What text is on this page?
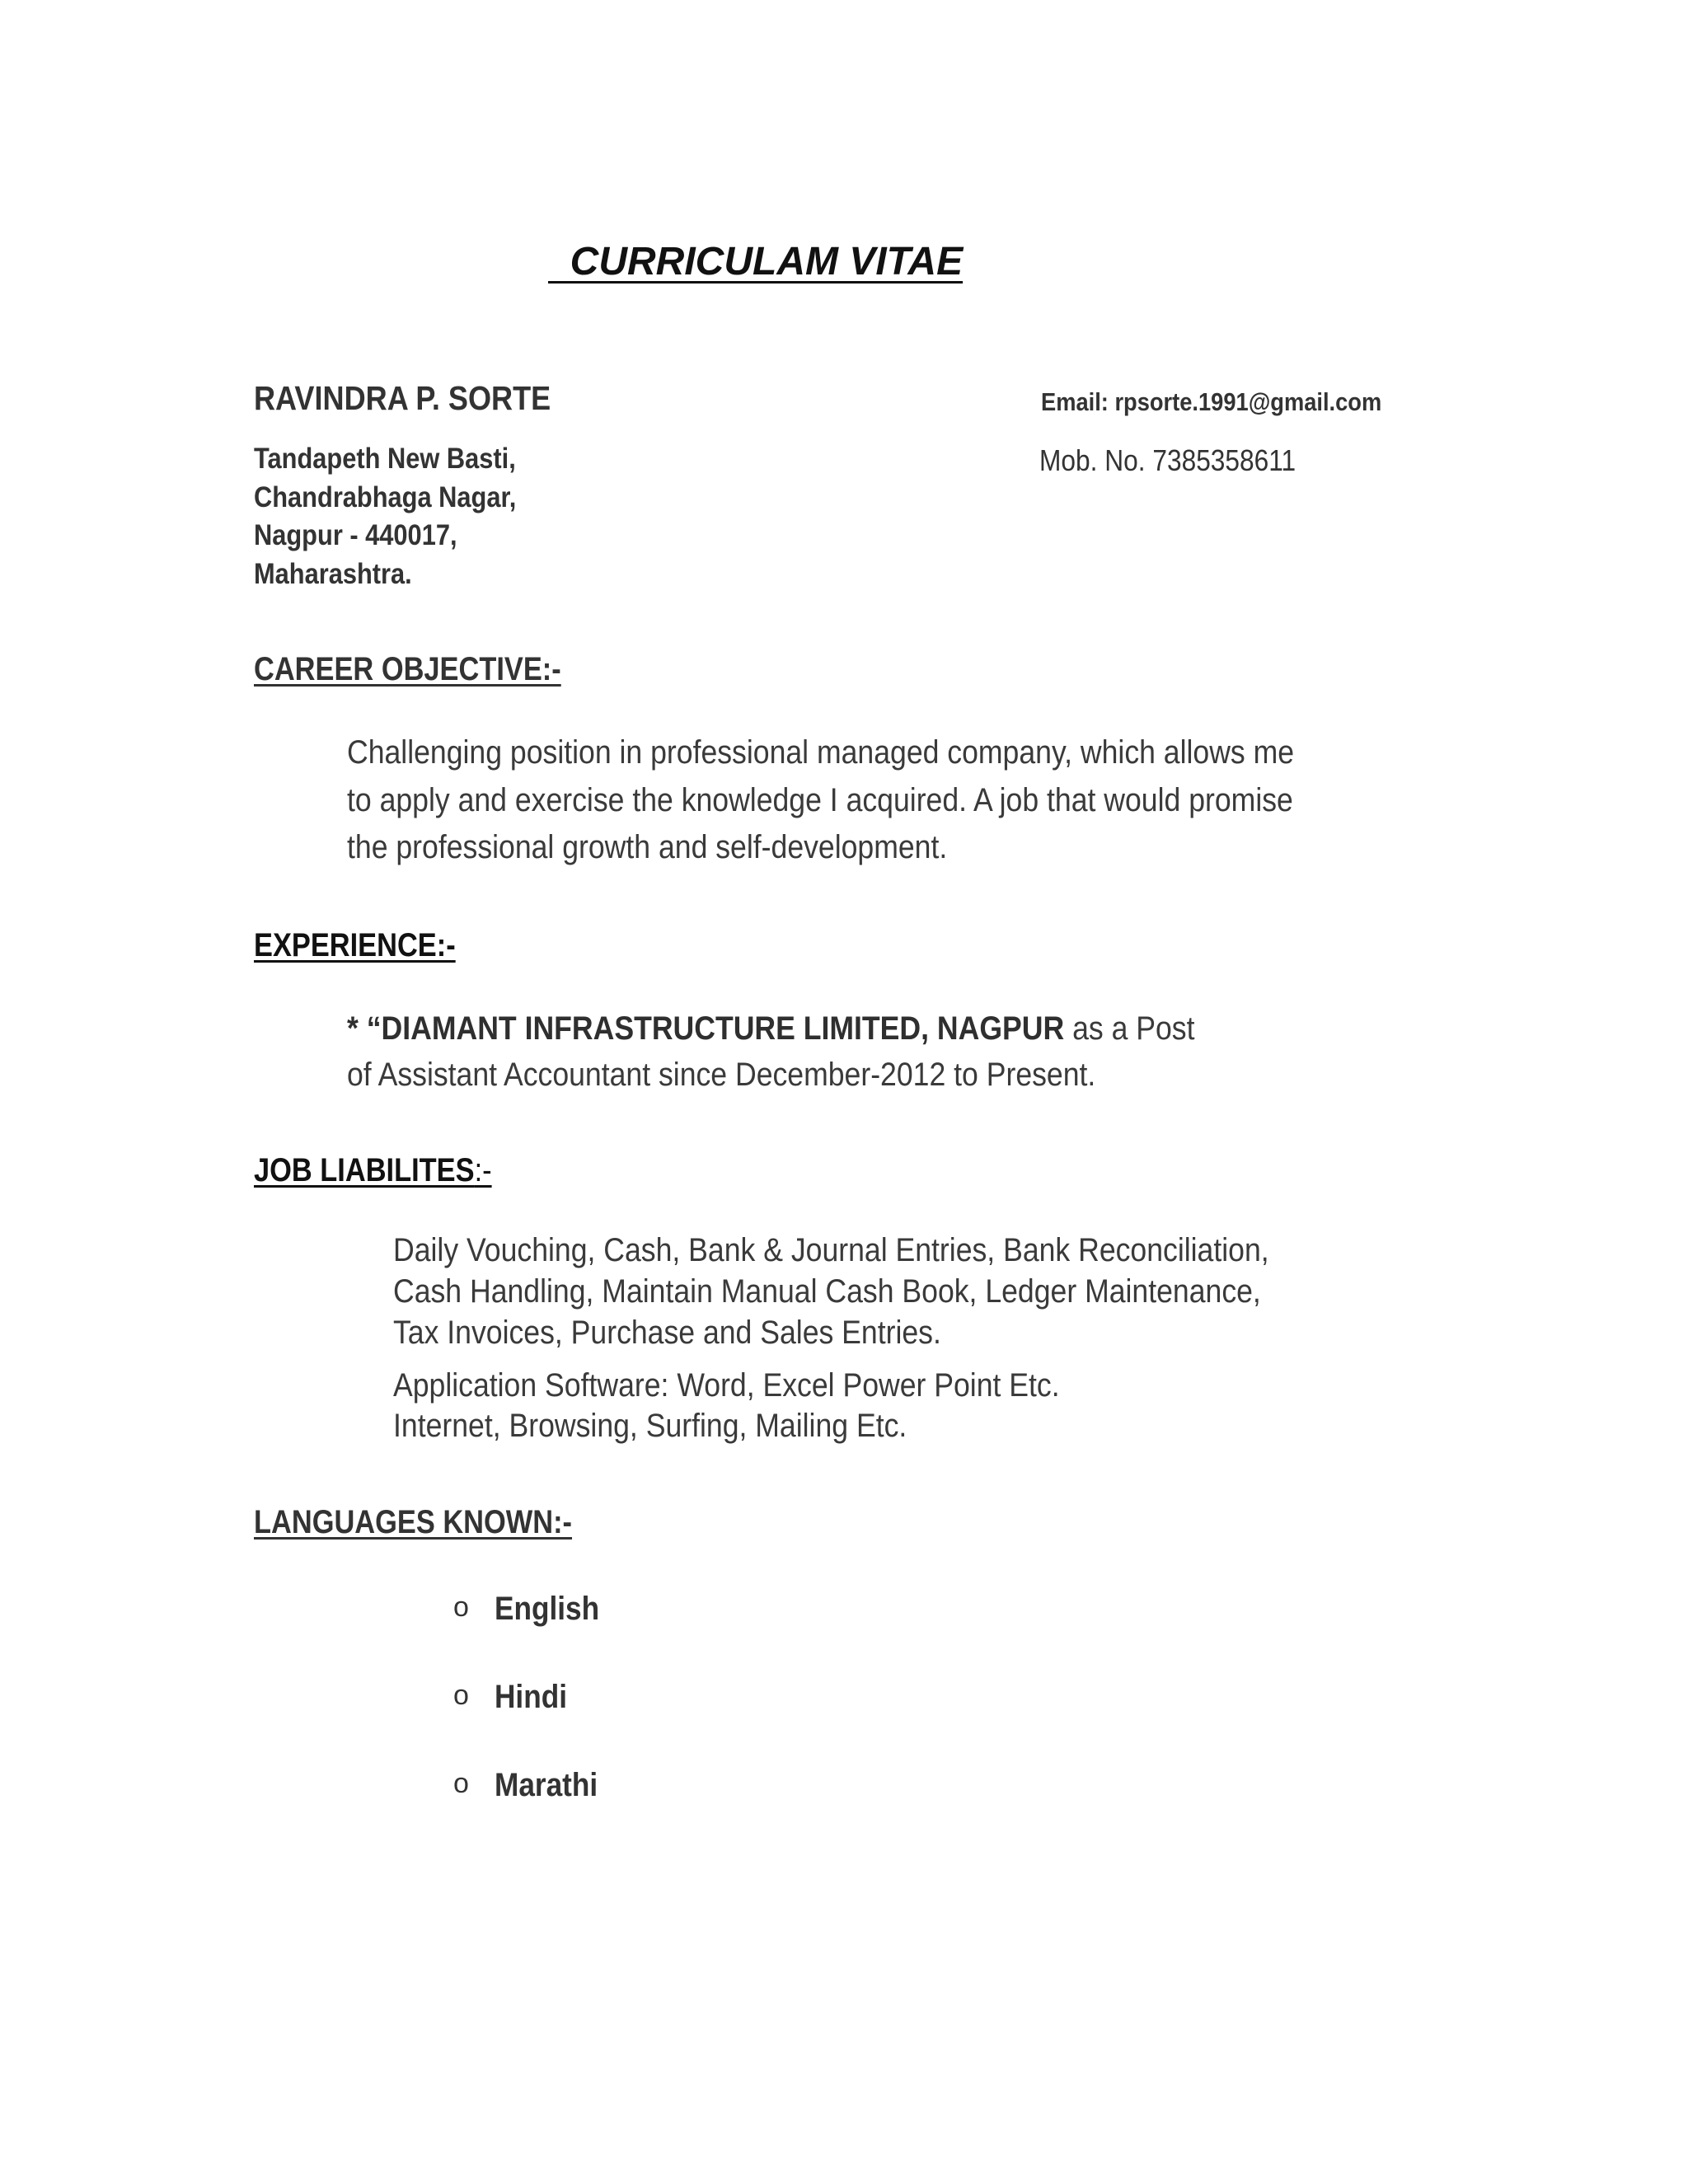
CURRICULAM VITAE
RAVINDRA P. SORTE	Email: rpsorte.1991@gmail.com
Mob. No. 7385358611
Tandapeth New Basti,
Chandrabhaga Nagar,
Nagpur - 440017,
Maharashtra.
CAREER OBJECTIVE:-
Challenging position in professional managed company, which allows me
to apply and exercise the knowledge I acquired. A job that would promise
the professional growth and self-development.
EXPERIENCE:-
* “DIAMANT INFRASTRUCTURE LIMITED, NAGPUR as a Post
of Assistant Accountant since December-2012 to Present.
JOB LIABILITES:-
Daily Vouching, Cash, Bank & Journal Entries, Bank Reconciliation,
Cash Handling, Maintain Manual Cash Book, Ledger Maintenance,
Tax Invoices, Purchase and Sales Entries.
Application Software: Word, Excel Power Point Etc.
Internet, Browsing, Surfing, Mailing Etc.
LANGUAGES KNOWN:-
o English
o Hindi
o Marathi
